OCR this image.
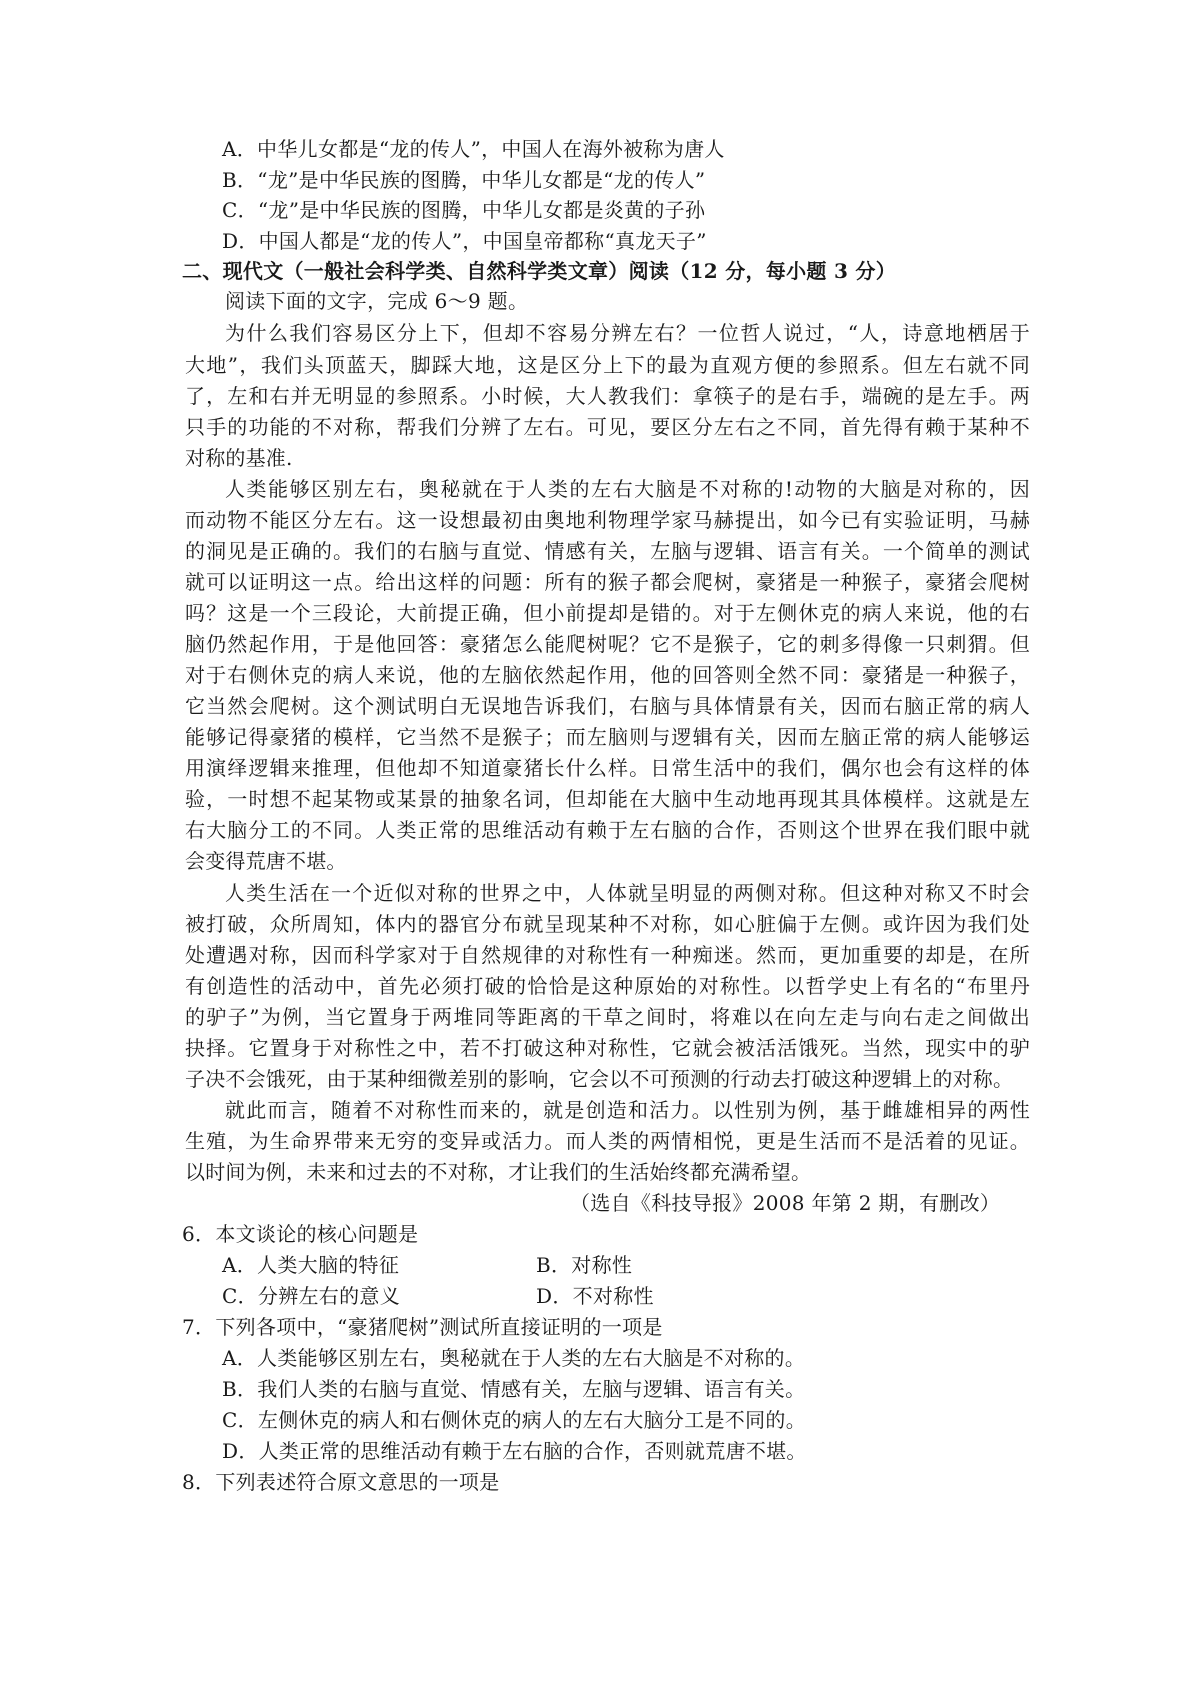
A．中华儿女都是“龙的传人”，中国人在海外被称为唐人
B．“龙”是中华民族的图腾，中华儿女都是“龙的传人”
C．“龙”是中华民族的图腾，中华儿女都是炎黄的子孙
D．中国人都是“龙的传人”，中国皇帝都称“真龙天子”
二、现代文（一般社会科学类、自然科学类文章）阅读（12 分，每小题 3 分）
阅读下面的文字，完成 6～9 题。
为什么我们容易区分上下，但却不容易分辨左右？一位哲人说过，“人，诗意地栖居于
大地”，我们头顶蓝天，脚踩大地，这是区分上下的最为直观方便的参照系。但左右就不同
了，左和右并无明显的参照系。小时候，大人教我们：拿筷子的是右手，端碗的是左手。两
只手的功能的不对称，帮我们分辨了左右。可见，要区分左右之不同，首先得有赖于某种不
对称的基准.
人类能够区别左右，奥秘就在于人类的左右大脑是不对称的!动物的大脑是对称的，因
而动物不能区分左右。这一设想最初由奥地利物理学家马赫提出，如今已有实验证明，马赫
的洞见是正确的。我们的右脑与直觉、情感有关，左脑与逻辑、语言有关。一个简单的测试
就可以证明这一点。给出这样的问题：所有的猴子都会爬树，豪猪是一种猴子，豪猪会爬树
吗？这是一个三段论，大前提正确，但小前提却是错的。对于左侧休克的病人来说，他的右
脑仍然起作用，于是他回答：豪猪怎么能爬树呢？它不是猴子，它的刺多得像一只刺猬。但
对于右侧休克的病人来说，他的左脑依然起作用，他的回答则全然不同：豪猪是一种猴子，
它当然会爬树。这个测试明白无误地告诉我们，右脑与具体情景有关，因而右脑正常的病人
能够记得豪猪的模样，它当然不是猴子；而左脑则与逻辑有关，因而左脑正常的病人能够运
用演绎逻辑来推理，但他却不知道豪猪长什么样。日常生活中的我们，偶尔也会有这样的体
验，一时想不起某物或某景的抽象名词，但却能在大脑中生动地再现其具体模样。这就是左
右大脑分工的不同。人类正常的思维活动有赖于左右脑的合作，否则这个世界在我们眼中就
会变得荒唐不堪。
人类生活在一个近似对称的世界之中，人体就呈明显的两侧对称。但这种对称又不时会
被打破，众所周知，体内的器官分布就呈现某种不对称，如心脏偏于左侧。或许因为我们处
处遭遇对称，因而科学家对于自然规律的对称性有一种痴迷。然而，更加重要的却是，在所
有创造性的活动中，首先必须打破的恰恰是这种原始的对称性。以哲学史上有名的“布里丹
的驴子”为例，当它置身于两堆同等距离的干草之间时，将难以在向左走与向右走之间做出
抉择。它置身于对称性之中，若不打破这种对称性，它就会被活活饿死。当然，现实中的驴
子决不会饿死，由于某种细微差别的影响，它会以不可预测的行动去打破这种逻辑上的对称。
就此而言，随着不对称性而来的，就是创造和活力。以性别为例，基于雌雄相异的两性
生殖，为生命界带来无穷的变异或活力。而人类的两情相悦，更是生活而不是活着的见证。
以时间为例，未来和过去的不对称，才让我们的生活始终都充满希望。
（选自《科技导报》2008 年第 2 期，有删改）
6．本文谈论的核心问题是
A．人类大脑的特征	B．对称性
C．分辨左右的意义	D．不对称性
7．下列各项中，“豪猪爬树”测试所直接证明的一项是
A．人类能够区别左右，奥秘就在于人类的左右大脑是不对称的。
B．我们人类的右脑与直觉、情感有关，左脑与逻辑、语言有关。
C．左侧休克的病人和右侧休克的病人的左右大脑分工是不同的。
D．人类正常的思维活动有赖于左右脑的合作，否则就荒唐不堪。
8．下列表述符合原文意思的一项是
